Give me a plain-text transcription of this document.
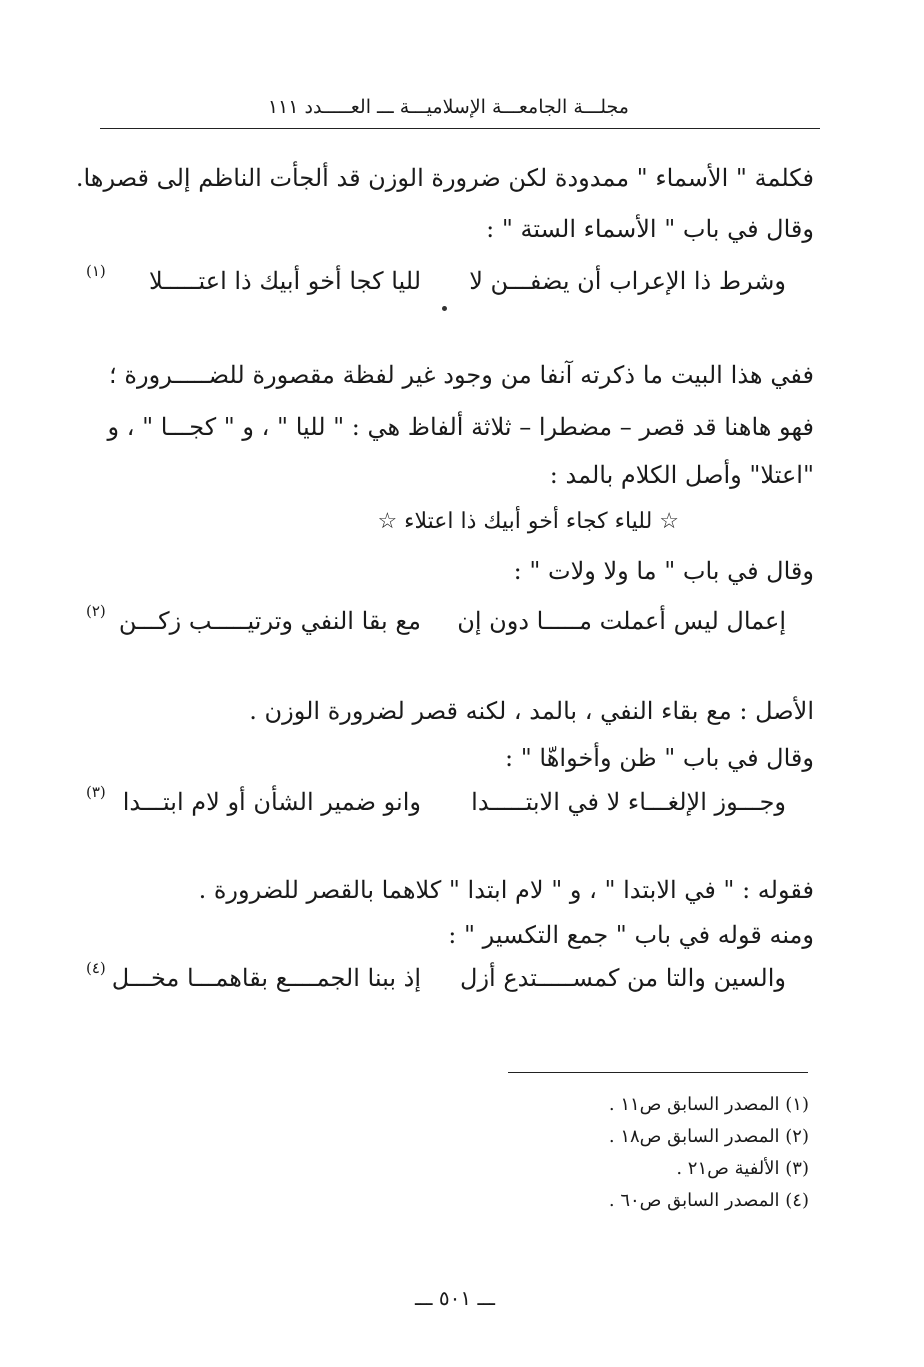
مجلـــة الجامعـــة الإسلاميـــة ـــ العـــــدد ١١١
فكلمة " الأسماء " ممدودة لكن ضرورة الوزن قد ألجأت الناظم إلى قصرها.
وقال في باب " الأسماء الستة " :
وشرط ذا الإعراب أن يضفـــن لا
لليا كجا أخو أبيك ذا اعتـــــلا
(١)
ففي هذا البيت ما ذكرته آنفا من وجود غير لفظة مقصورة للضـــــرورة ؛
فهو هاهنا قد قصر – مضطرا – ثلاثة ألفاظ هي : " لليا " ، و " كجـــا " ، و
"اعتلا" وأصل الكلام بالمد :
☆ للياء كجاء أخو أبيك ذا اعتلاء ☆
وقال في باب " ما ولا ولات " :
إعمال ليس أعملت مـــــا دون إن
مع بقا النفي وترتيـــــب زكـــن
(٢)
الأصل : مع بقاء النفي ، بالمد ، لكنه قصر لضرورة الوزن .
وقال في باب " ظن وأخواهّا " :
وجـــوز الإلغـــاء لا في الابتـــــدا
وانو ضمير الشأن أو لام ابتـــدا
(٣)
فقوله : " في الابتدا " ، و " لام ابتدا " كلاهما بالقصر للضرورة .
ومنه قوله في باب " جمع التكسير " :
والسين والتا من كمســـــتدع أزل
إذ ببنا الجمــــع بقاهمـــا مخـــل
(٤)
(١) المصدر السابق ص١١ .
(٢) المصدر السابق ص١٨ .
(٣) الألفية ص٢١ .
(٤) المصدر السابق ص٦٠ .
ـــ ٥٠١ ـــ
